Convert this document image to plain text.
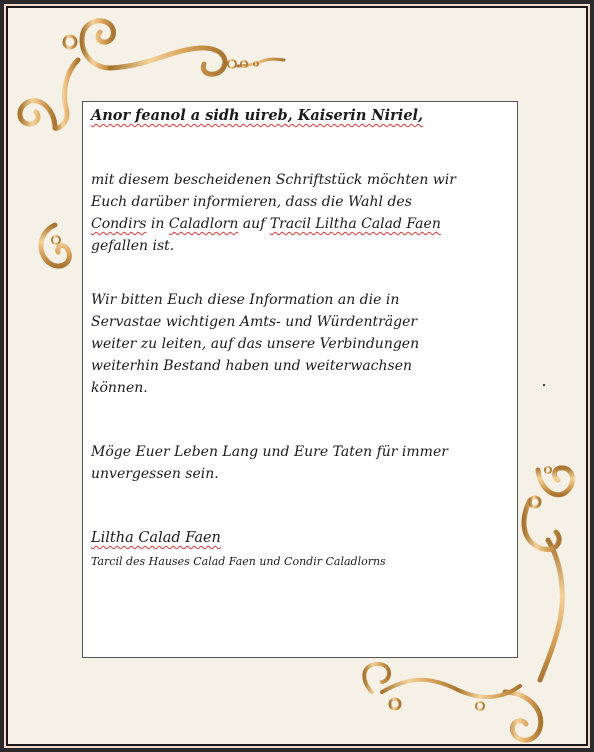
Anor feanol a sidh uireb, Kaiserin Niriel,

mit diesem bescheidenen Schriftstück möchten wir
Euch darüber informieren, dass die Wahl des
Condirs in Caladlorn auf Tracil Liltha Calad Faen
gefallen ist.

Wir bitten Euch diese Information an die in
Servastae wichtigen Amts- und Würdenträger
weiter zu leiten, auf das unsere Verbindungen
weiterhin Bestand haben und weiterwachsen
können.

Möge Euer Leben Lang und Eure Taten für immer
unvergessen sein.

Liltha Calad Faen

Tarcil des Hauses Calad Faen und Condir Caladlorns
